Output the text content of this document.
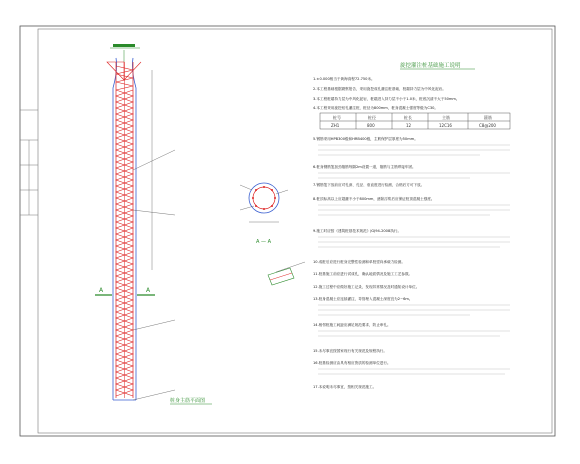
A	A
桩身主筋平面图
A — A
旋挖灌注桩基础施工说明
桩号	桩径	桩长	主筋	箍筋
ZH1	800	12	12C16	C8@200
1.±0.000相当于黄海高程72.750米。
2.本工程基础根据勘察报告，采用旋挖成孔灌注桩基础，桩端持力层为中风化泥岩。
3.本工程桩端持力层为中风化泥岩，桩端进入持力层不小于1.0米，桩底沉渣不大于50mm。
4.本工程采用旋挖钻孔灌注桩，桩径为800mm，桩身混凝土强度等级为C30。
5.钢筋采用HPB300级和HRB400级，主筋保护层厚度为50mm。
6.桩身钢筋笼加劲箍筋每隔2m设置一道，箍筋与主筋焊接牢固。
7.钢筋笼下放前应对孔深、孔径、垂直度进行检测，合格后方可下放。
8.桩顶标高以上应超灌不小于800mm，凿除浮浆后应保证桩顶混凝土强度。
9.施工时应按《建筑桩基技术规范》JGJ94-2008执行。
10.成桩后应进行桩身完整性检测和单桩竖向承载力检测。
11.桩基施工前应进行试成孔，确认地质情况及施工工艺参数。
12.施工过程中应做好施工记录，发现异常情况及时通知设计单位。
13.桩身混凝土应连续灌注，导管埋入混凝土深度宜为2~6m。
14.相邻桩施工间距应满足规范要求，防止串孔。
15.未尽事宜按国家现行有关规范及规程执行。
16.桩基检测应由具有相应资质的检测单位进行。
17.本说明未尽事宜，按相关规范施工。
